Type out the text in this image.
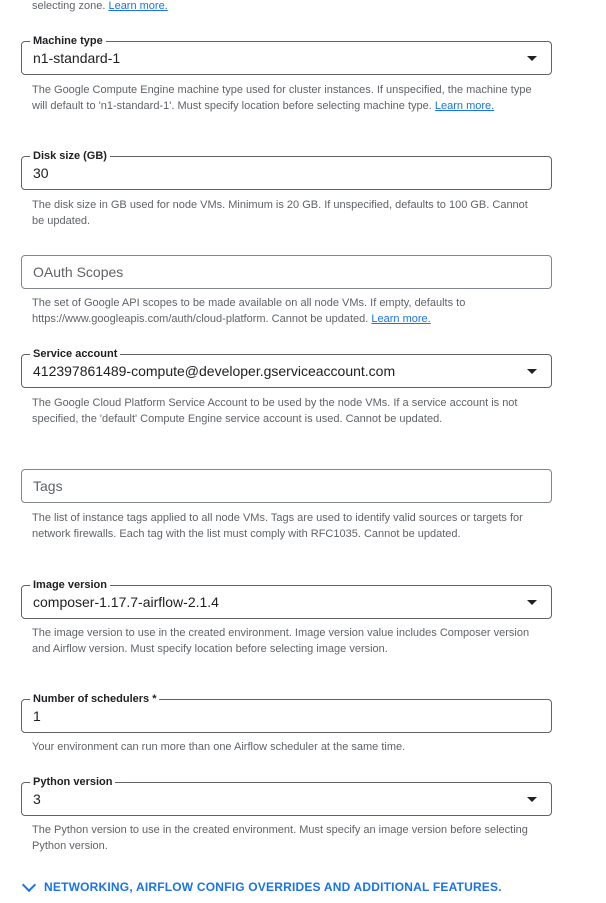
selecting zone. Learn more.
Machine type
n1-standard-1
The Google Compute Engine machine type used for cluster instances. If unspecified, the machine type will default to 'n1-standard-1'. Must specify location before selecting machine type. Learn more.
Disk size (GB)
30
The disk size in GB used for node VMs. Minimum is 20 GB. If unspecified, defaults to 100 GB. Cannot be updated.
OAuth Scopes
The set of Google API scopes to be made available on all node VMs. If empty, defaults to https://www.googleapis.com/auth/cloud-platform. Cannot be updated. Learn more.
Service account
412397861489-compute@developer.gserviceaccount.com
The Google Cloud Platform Service Account to be used by the node VMs. If a service account is not specified, the 'default' Compute Engine service account is used. Cannot be updated.
Tags
The list of instance tags applied to all node VMs. Tags are used to identify valid sources or targets for network firewalls. Each tag with the list must comply with RFC1035. Cannot be updated.
Image version
composer-1.17.7-airflow-2.1.4
The image version to use in the created environment. Image version value includes Composer version and Airflow version. Must specify location before selecting image version.
Number of schedulers *
1
Your environment can run more than one Airflow scheduler at the same time.
Python version
3
The Python version to use in the created environment. Must specify an image version before selecting Python version.
NETWORKING, AIRFLOW CONFIG OVERRIDES AND ADDITIONAL FEATURES.
